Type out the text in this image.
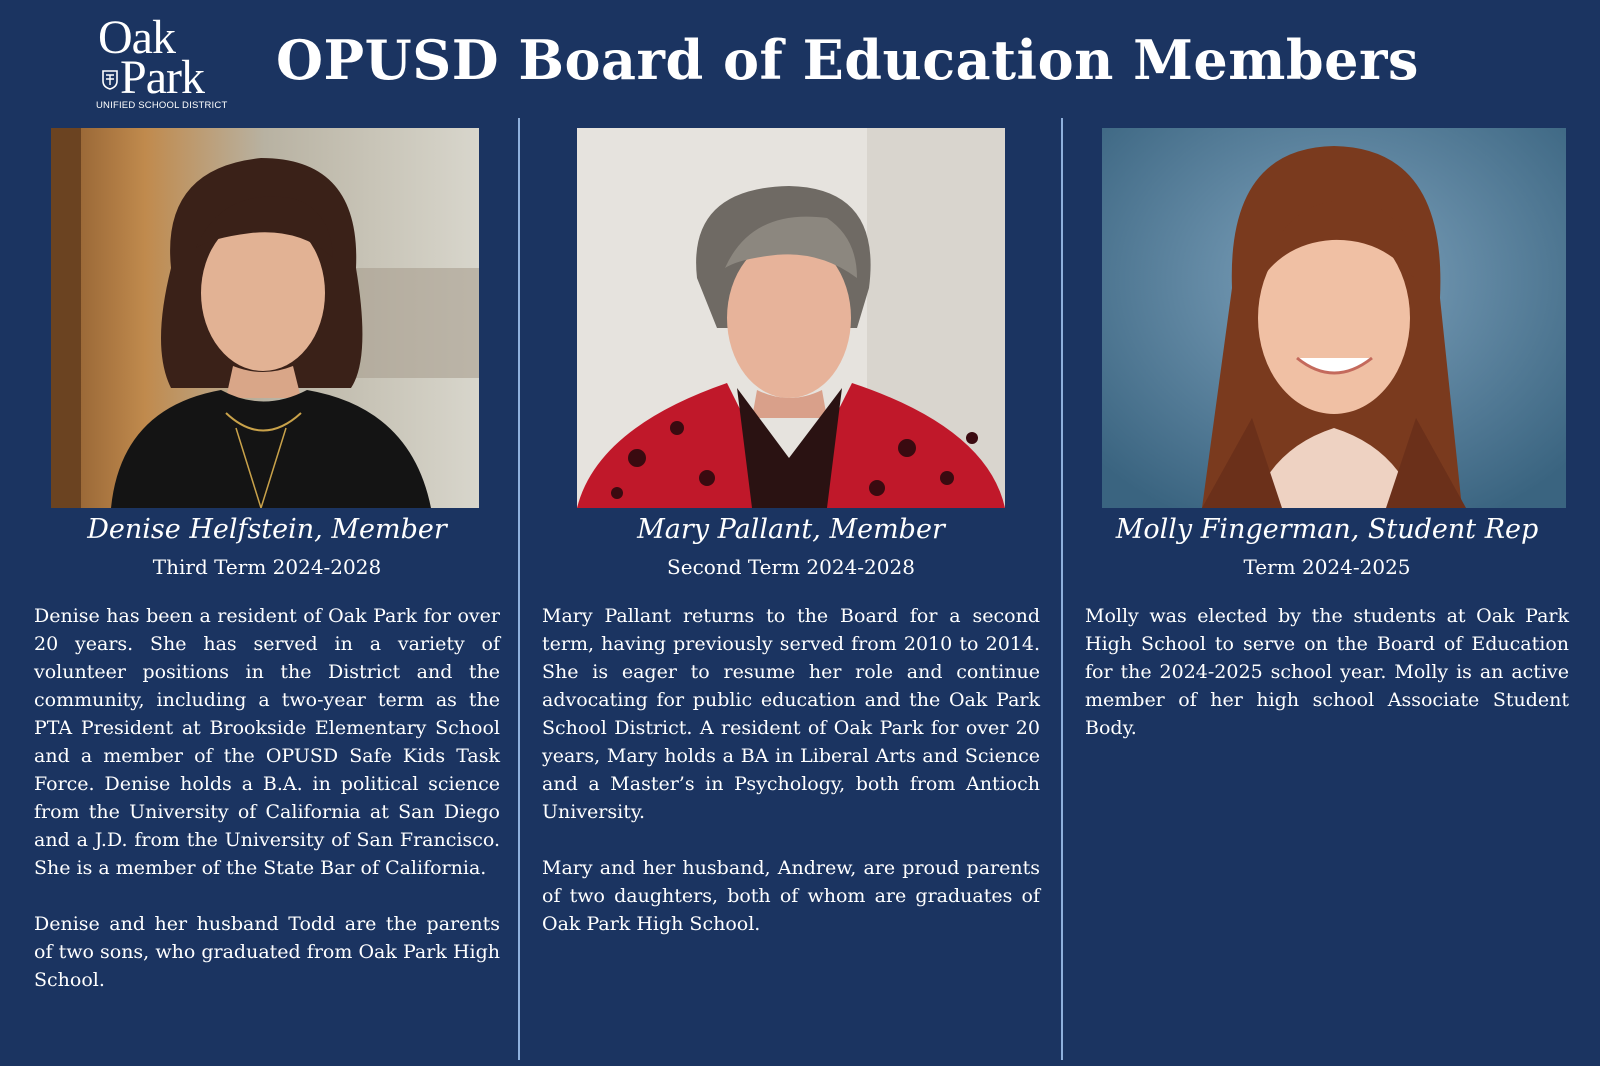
Oak
Park
UNIFIED SCHOOL DISTRICT
OPUSD Board of Education Members
Denise Helfstein, Member
Third Term 2024-2028

Denise has been a resident of Oak Park for over 20 years. She has served in a variety of volunteer positions in the District and the community, including a two-year term as the PTA President at Brookside Elementary School and a member of the OPUSD Safe Kids Task Force. Denise holds a B.A. in political science from the University of California at San Diego and a J.D. from the University of San Francisco. She is a member of the State Bar of California.

Denise and her husband Todd are the parents of two sons, who graduated from Oak Park High School.

Mary Pallant, Member
Second Term 2024-2028

Mary Pallant returns to the Board for a second term, having previously served from 2010 to 2014. She is eager to resume her role and continue advocating for public education and the Oak Park School District. A resident of Oak Park for over 20 years, Mary holds a BA in Liberal Arts and Science and a Master’s in Psychology, both from Antioch University.

Mary and her husband, Andrew, are proud parents of two daughters, both of whom are graduates of Oak Park High School.

Molly Fingerman, Student Rep
Term 2024-2025

Molly was elected by the students at Oak Park High School to serve on the Board of Education for the 2024-2025 school year. Molly is an active member of her high school Associate Student Body.
